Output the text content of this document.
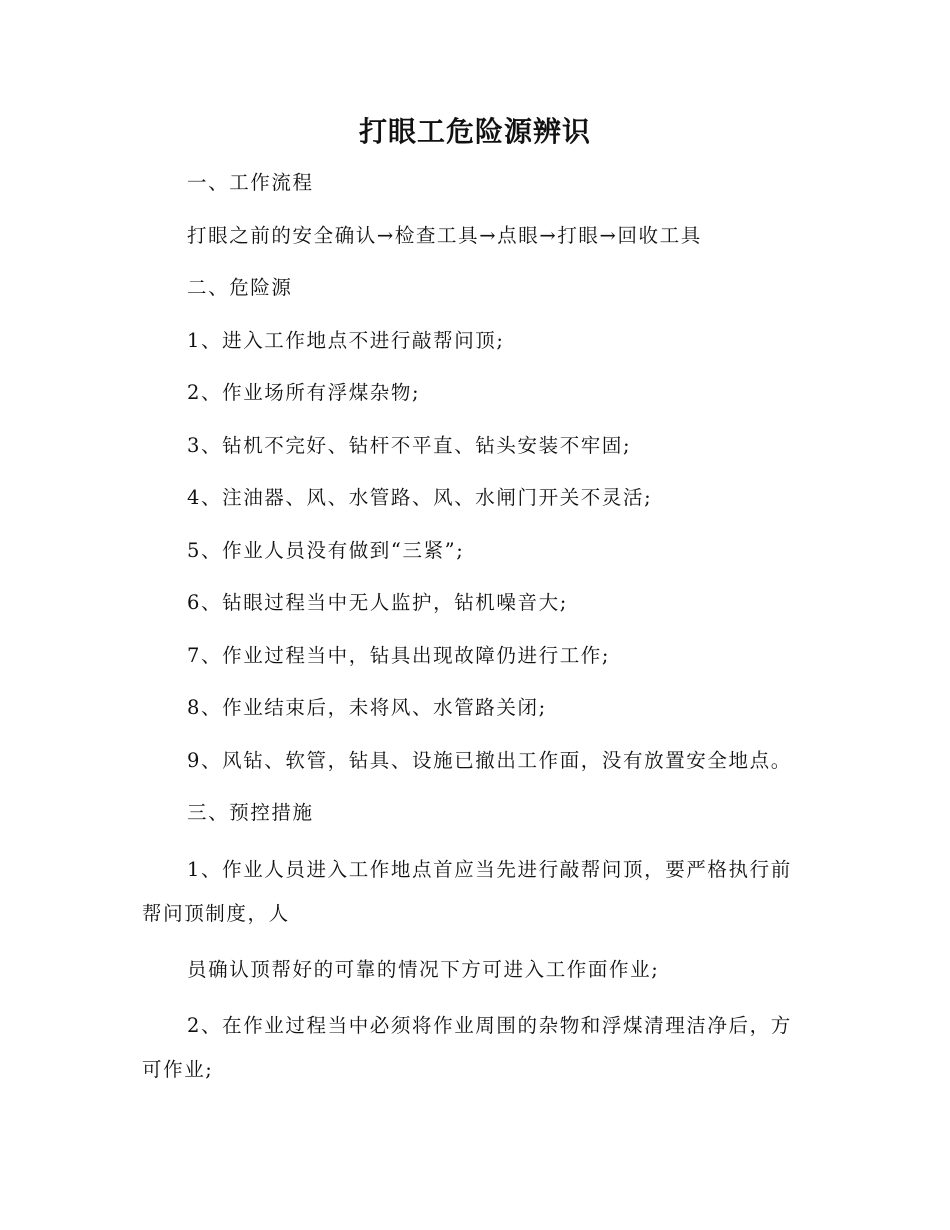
打眼工危险源辨识

一、工作流程

打眼之前的安全确认→检查工具→点眼→打眼→回收工具

二、危险源

1、进入工作地点不进行敲帮问顶;

2、作业场所有浮煤杂物;

3、钻机不完好、钻杆不平直、钻头安装不牢固;

4、注油器、风、水管路、风、水闸门开关不灵活;

5、作业人员没有做到“三紧”;

6、钻眼过程当中无人监护，钻机噪音大;

7、作业过程当中，钻具出现故障仍进行工作;

8、作业结束后，未将风、水管路关闭;

9、风钻、软管，钻具、设施已撤出工作面，没有放置安全地点。

三、预控措施

1、作业人员进入工作地点首应当先进行敲帮问顶，要严格执行前帮问顶制度，人

员确认顶帮好的可靠的情况下方可进入工作面作业;

2、在作业过程当中必须将作业周围的杂物和浮煤清理洁净后，方可作业;
